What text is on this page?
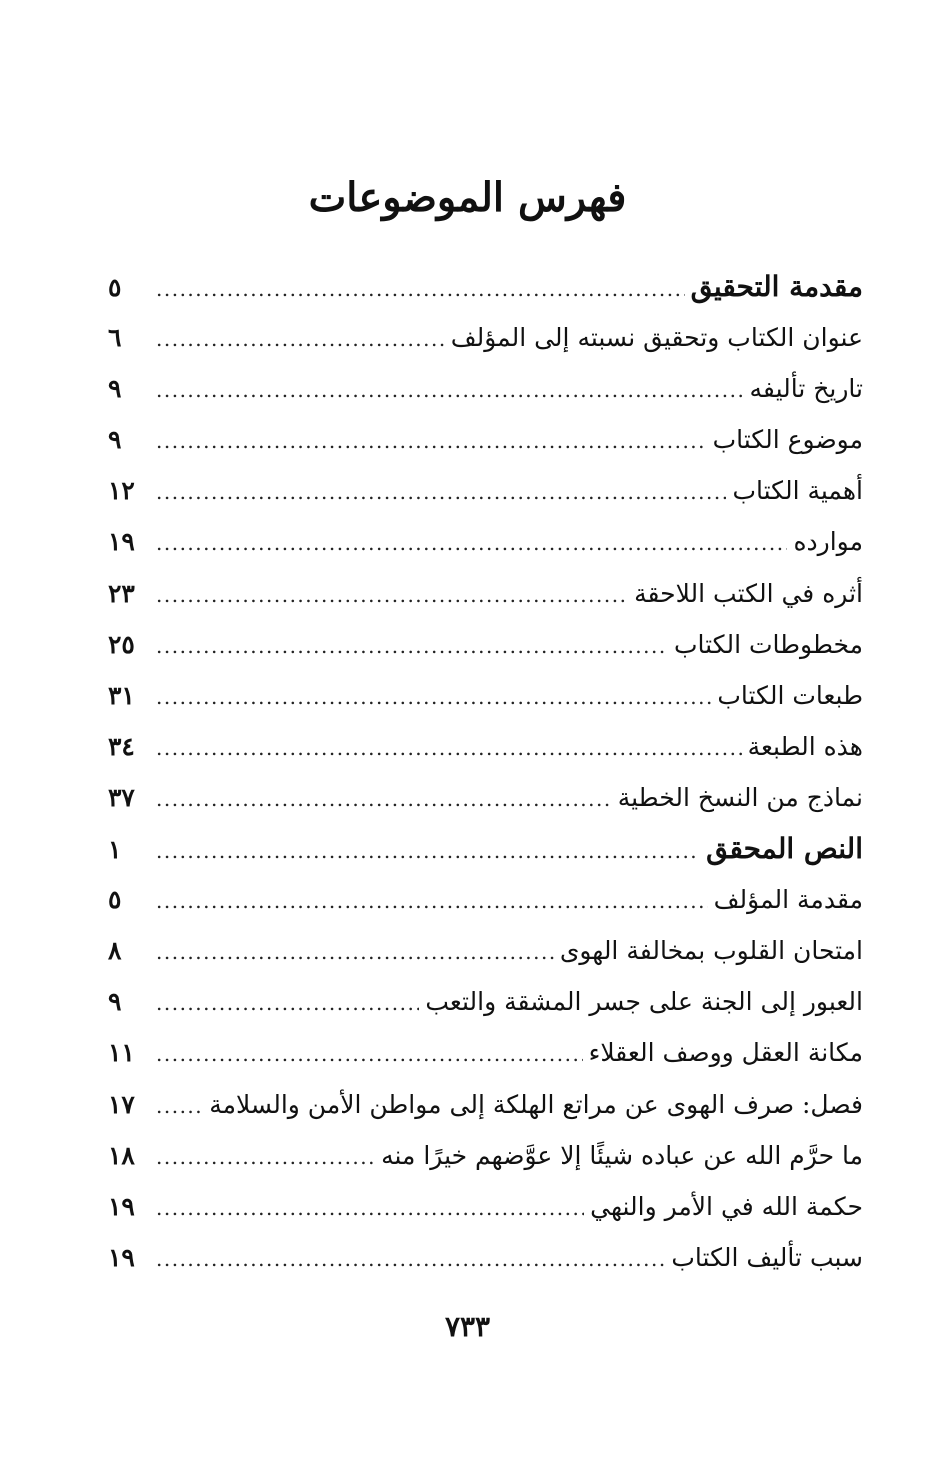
فهرس الموضوعات
مقدمة التحقيق
.....
٥
عنوان الكتاب وتحقيق نسبته إلى المؤلف
.....
٦
تاريخ تأليفه
.....
٩
موضوع الكتاب
.....
٩
أهمية الكتاب
.....
١٢
موارده
.....
١٩
أثره في الكتب اللاحقة
.....
٢٣
مخطوطات الكتاب
.....
٢٥
طبعات الكتاب
.....
٣١
هذه الطبعة
.....
٣٤
نماذج من النسخ الخطية
.....
٣٧
النص المحقق
.....
١
مقدمة المؤلف
.....
٥
امتحان القلوب بمخالفة الهوى
.....
٨
العبور إلى الجنة على جسر المشقة والتعب
.....
٩
مكانة العقل ووصف العقلاء
.....
١١
فصل: صرف الهوى عن مراتع الهلكة إلى مواطن الأمن والسلامة
.....
١٧
ما حرَّم الله عن عباده شيئًا إلا عوَّضهم خيرًا منه
.....
١٨
حكمة الله في الأمر والنهي
.....
١٩
سبب تأليف الكتاب
.....
١٩
٧٣٣
